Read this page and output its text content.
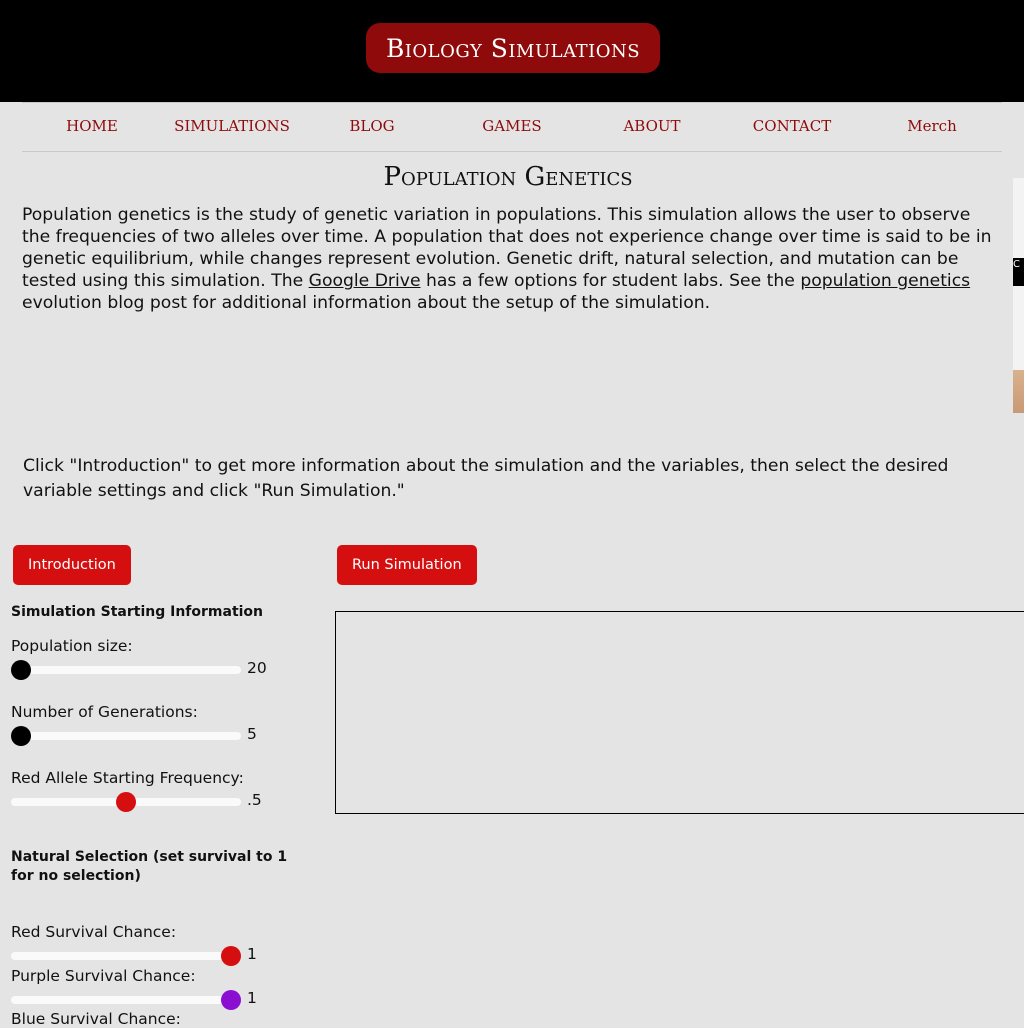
Biology Simulations
HOME	SIMULATIONS	BLOG	GAMES	ABOUT	CONTACT	Merch
Population Genetics
Population genetics is the study of genetic variation in populations. This simulation allows the user to observe the frequencies of two alleles over time. A population that does not experience change over time is said to be in genetic equilibrium, while changes represent evolution. Genetic drift, natural selection, and mutation can be tested using this simulation. The Google Drive has a few options for student labs. See the population genetics evolution blog post for additional information about the setup of the simulation.
C
Click "Introduction" to get more information about the simulation and the variables, then select the desired variable settings and click "Run Simulation."
Introduction	Run Simulation
Simulation Starting Information
Population size:
20
Number of Generations:
5
Red Allele Starting Frequency:
.5
Natural Selection (set survival to 1 for no selection)
Red Survival Chance:
1
Purple Survival Chance:
1
Blue Survival Chance:
